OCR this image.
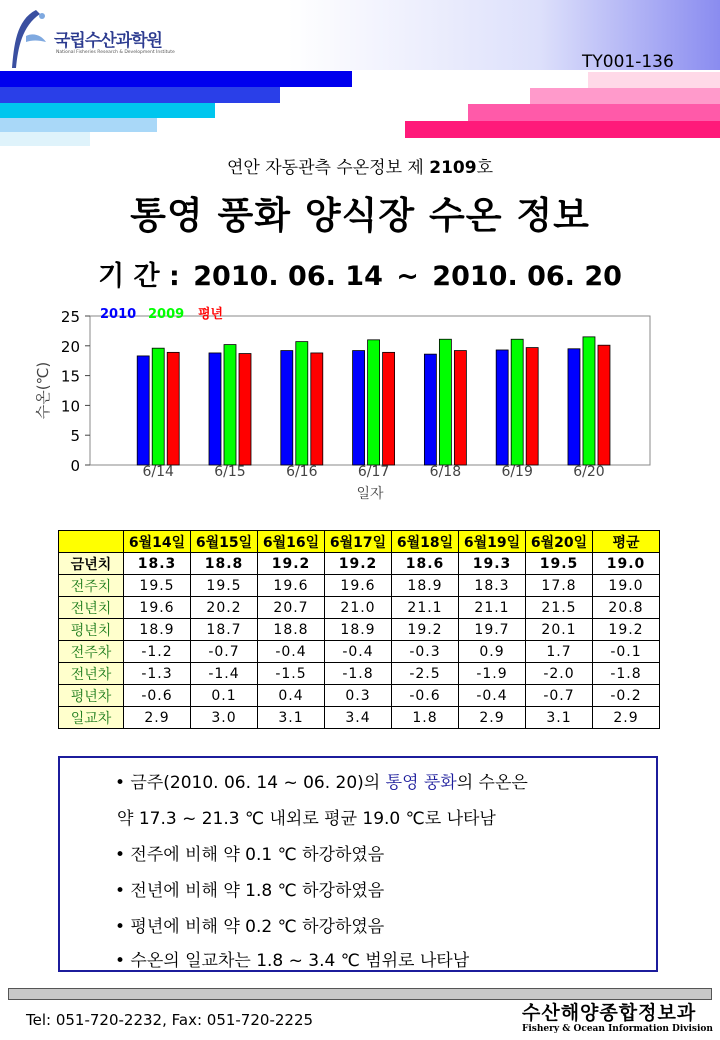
국립수산과학원
National Fisheries Research & Development Institute	TY001-136
연안 자동관측 수온정보 제 2109호
통영 풍화 양식장 수온 정보
기 간 : 2010. 06. 14 ~ 2010. 06. 20
0
5
10
15
20
25
수온(℃)
일자
6/14	6/15	6/16	6/17	6/18	6/19	6/20
2010 2009 평년
	6월14일	6월15일	6월16일	6월17일	6월18일	6월19일	6월20일	평균
금년치	18.3	18.8	19.2	19.2	18.6	19.3	19.5	19.0
전주치	19.5	19.5	19.6	19.6	18.9	18.3	17.8	19.0
전년치	19.6	20.2	20.7	21.0	21.1	21.1	21.5	20.8
평년치	18.9	18.7	18.8	18.9	19.2	19.7	20.1	19.2
전주차	-1.2	-0.7	-0.4	-0.4	-0.3	0.9	1.7	-0.1
전년차	-1.3	-1.4	-1.5	-1.8	-2.5	-1.9	-2.0	-1.8
평년차	-0.6	0.1	0.4	0.3	-0.6	-0.4	-0.7	-0.2
일교차	2.9	3.0	3.1	3.4	1.8	2.9	3.1	2.9
• 금주(2010. 06. 14 ~ 06. 20)의 통영 풍화의 수온은
약 17.3 ~ 21.3 ℃ 내외로 평균 19.0 ℃로 나타남
• 전주에 비해 약 0.1 ℃ 하강하였음
• 전년에 비해 약 1.8 ℃ 하강하였음
• 평년에 비해 약 0.2 ℃ 하강하였음
• 수온의 일교차는 1.8 ~ 3.4 ℃ 범위로 나타남
Tel: 051-720-2232, Fax: 051-720-2225	수산해양종합정보과
Fishery & Ocean Information Division
